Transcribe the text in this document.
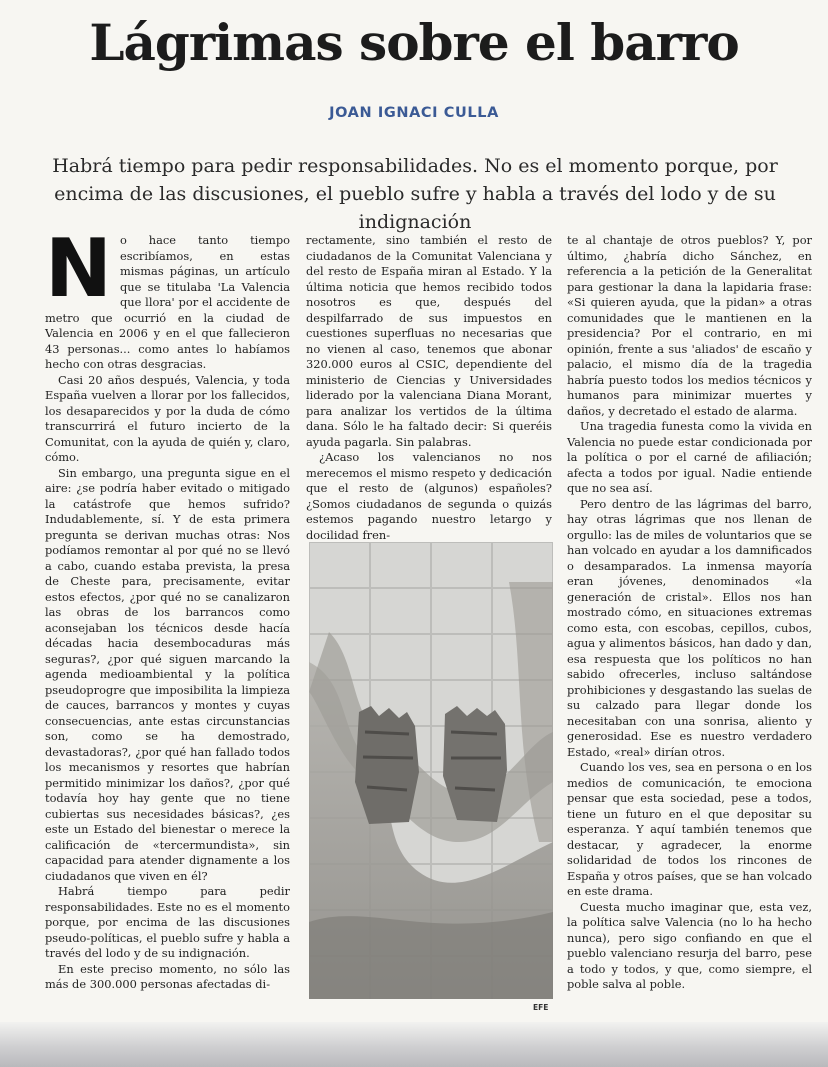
Lágrimas sobre el barro
JOAN IGNACI CULLA
Habrá tiempo para pedir responsabilidades. No es el momento porque, por encima de las discusiones, el pueblo sufre y habla a través del lodo y de su indignación

No hace tanto tiempo escribíamos, en estas mismas páginas, un artículo que se titulaba 'La Valencia que llora' por el accidente de metro que ocurrió en la ciudad de Valencia en 2006 y en el que fallecieron 43 personas... como antes lo habíamos hecho con otras desgracias.

Casi 20 años después, Valencia, y toda España vuelven a llorar por los fallecidos, los desaparecidos y por la duda de cómo transcurrirá el futuro incierto de la Comunitat, con la ayuda de quién y, claro, cómo.

Sin embargo, una pregunta sigue en el aire: ¿se podría haber evitado o mitigado la catástrofe que hemos sufrido? Indudablemente, sí. Y de esta primera pregunta se derivan muchas otras: Nos podíamos remontar al por qué no se llevó a cabo, cuando estaba prevista, la presa de Cheste para, precisamente, evitar estos efectos, ¿por qué no se canalizaron las obras de los barrancos como aconsejaban los técnicos desde hacía décadas hacia desembocaduras más seguras?, ¿por qué siguen marcando la agenda medioambiental y la política pseudoprogre que imposibilita la limpieza de cauces, barrancos y montes y cuyas consecuencias, ante estas circunstancias son, como se ha demostrado, devastadoras?, ¿por qué han fallado todos los mecanismos y resortes que habrían permitido minimizar los daños?, ¿por qué todavía hoy hay gente que no tiene cubiertas sus necesidades básicas?, ¿es este un Estado del bienestar o merece la calificación de «tercermundista», sin capacidad para atender dignamente a los ciudadanos que viven en él?

Habrá tiempo para pedir responsabilidades. Este no es el momento porque, por encima de las discusiones pseudo-políticas, el pueblo sufre y habla a través del lodo y de su indignación.

En este preciso momento, no sólo las más de 300.000 personas afectadas di-

rectamente, sino también el resto de ciudadanos de la Comunitat Valenciana y del resto de España miran al Estado. Y la última noticia que hemos recibido todos nosotros es que, después del despilfarrado de sus impuestos en cuestiones superfluas no necesarias que no vienen al caso, tenemos que abonar 320.000 euros al CSIC, dependiente del ministerio de Ciencias y Universidades liderado por la valenciana Diana Morant, para analizar los vertidos de la última dana. Sólo le ha faltado decir: Si queréis ayuda pagarla. Sin palabras.

¿Acaso los valencianos no nos merecemos el mismo respeto y dedicación que el resto de (algunos) españoles? ¿Somos ciudadanos de segunda o quizás estemos pagando nuestro letargo y docilidad fren-

EFE

te al chantaje de otros pueblos? Y, por último, ¿habría dicho Sánchez, en referencia a la petición de la Generalitat para gestionar la dana la lapidaria frase: «Si quieren ayuda, que la pidan» a otras comunidades que le mantienen en la presidencia? Por el contrario, en mi opinión, frente a sus 'aliados' de escaño y palacio, el mismo día de la tragedia habría puesto todos los medios técnicos y humanos para minimizar muertes y daños, y decretado el estado de alarma.

Una tragedia funesta como la vivida en Valencia no puede estar condicionada por la política o por el carné de afiliación; afecta a todos por igual. Nadie entiende que no sea así.

Pero dentro de las lágrimas del barro, hay otras lágrimas que nos llenan de orgullo: las de miles de voluntarios que se han volcado en ayudar a los damnificados o desamparados. La inmensa mayoría eran jóvenes, denominados «la generación de cristal». Ellos nos han mostrado cómo, en situaciones extremas como esta, con escobas, cepillos, cubos, agua y alimentos básicos, han dado y dan, esa respuesta que los políticos no han sabido ofrecerles, incluso saltándose prohibiciones y desgastando las suelas de su calzado para llegar donde los necesitaban con una sonrisa, aliento y generosidad. Ese es nuestro verdadero Estado, «real» dirían otros.

Cuando los ves, sea en persona o en los medios de comunicación, te emociona pensar que esta sociedad, pese a todos, tiene un futuro en el que depositar su esperanza. Y aquí también tenemos que destacar, y agradecer, la enorme solidaridad de todos los rincones de España y otros países, que se han volcado en este drama.

Cuesta mucho imaginar que, esta vez, la política salve Valencia (no lo ha hecho nunca), pero sigo confiando en que el pueblo valenciano resurja del barro, pese a todo y todos, y que, como siempre, el poble salva al poble.
